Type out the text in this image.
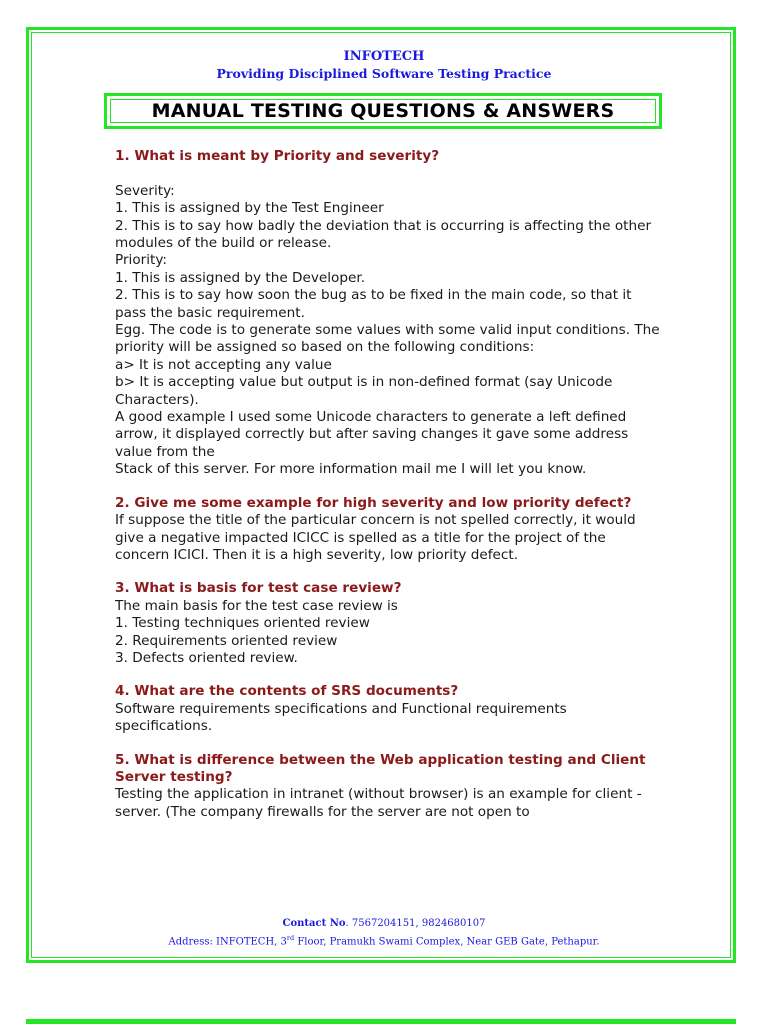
INFOTECH
Providing Disciplined Software Testing Practice
MANUAL TESTING QUESTIONS & ANSWERS
1. What is meant by Priority and severity?
Severity:
1. This is assigned by the Test Engineer
2. This is to say how badly the deviation that is occurring is affecting the other modules of the build or release.
Priority:
1. This is assigned by the Developer.
2. This is to say how soon the bug as to be fixed in the main code, so that it pass the basic requirement.
Egg. The code is to generate some values with some valid input conditions. The priority will be assigned so based on the following conditions:
a> It is not accepting any value
b> It is accepting value but output is in non-defined format (say Unicode Characters).
A good example I used some Unicode characters to generate a left defined arrow, it displayed correctly but after saving changes it gave some address value from the
Stack of this server. For more information mail me I will let you know.
2. Give me some example for high severity and low priority defect?
If suppose the title of the particular concern is not spelled correctly, it would give a negative impacted ICICC is spelled as a title for the project of the concern ICICI. Then it is a high severity, low priority defect.
3. What is basis for test case review?
The main basis for the test case review is
1. Testing techniques oriented review
2. Requirements oriented review
3. Defects oriented review.
4. What are the contents of SRS documents?
Software requirements specifications and Functional requirements specifications.
5. What is difference between the Web application testing and Client Server testing?
Testing the application in intranet (without browser) is an example for client -server. (The company firewalls for the server are not open to
Contact No. 7567204151, 9824680107
Address: INFOTECH, 3rd Floor, Pramukh Swami Complex, Near GEB Gate, Pethapur.
